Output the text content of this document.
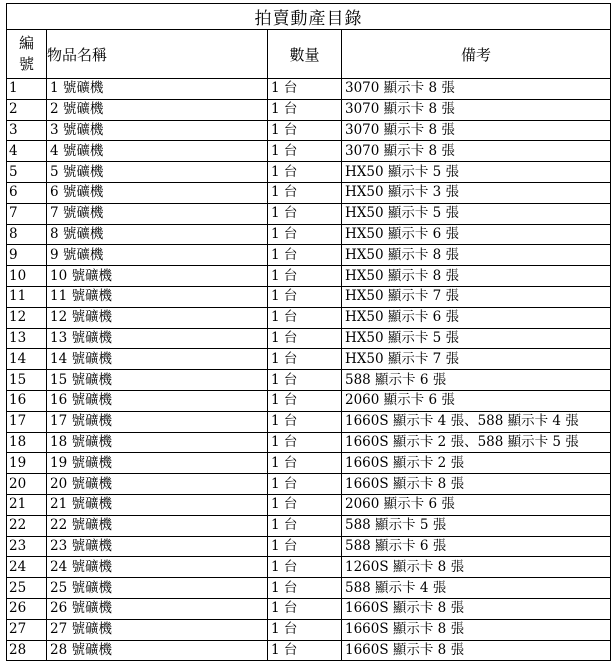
拍賣動產目錄			
編
號	物品名稱	數量	備考
1	1 號礦機	1 台	3070 顯示卡 8 張
2	2 號礦機	1 台	3070 顯示卡 8 張
3	3 號礦機	1 台	3070 顯示卡 8 張
4	4 號礦機	1 台	3070 顯示卡 8 張
5	5 號礦機	1 台	HX50 顯示卡 5 張
6	6 號礦機	1 台	HX50 顯示卡 3 張
7	7 號礦機	1 台	HX50 顯示卡 5 張
8	8 號礦機	1 台	HX50 顯示卡 6 張
9	9 號礦機	1 台	HX50 顯示卡 8 張
10	10 號礦機	1 台	HX50 顯示卡 8 張
11	11 號礦機	1 台	HX50 顯示卡 7 張
12	12 號礦機	1 台	HX50 顯示卡 6 張
13	13 號礦機	1 台	HX50 顯示卡 5 張
14	14 號礦機	1 台	HX50 顯示卡 7 張
15	15 號礦機	1 台	588 顯示卡 6 張
16	16 號礦機	1 台	2060 顯示卡 6 張
17	17 號礦機	1 台	1660S 顯示卡 4 張、588 顯示卡 4 張
18	18 號礦機	1 台	1660S 顯示卡 2 張、588 顯示卡 5 張
19	19 號礦機	1 台	1660S 顯示卡 2 張
20	20 號礦機	1 台	1660S 顯示卡 8 張
21	21 號礦機	1 台	2060 顯示卡 6 張
22	22 號礦機	1 台	588 顯示卡 5 張
23	23 號礦機	1 台	588 顯示卡 6 張
24	24 號礦機	1 台	1260S 顯示卡 8 張
25	25 號礦機	1 台	588 顯示卡 4 張
26	26 號礦機	1 台	1660S 顯示卡 8 張
27	27 號礦機	1 台	1660S 顯示卡 8 張
28	28 號礦機	1 台	1660S 顯示卡 8 張
